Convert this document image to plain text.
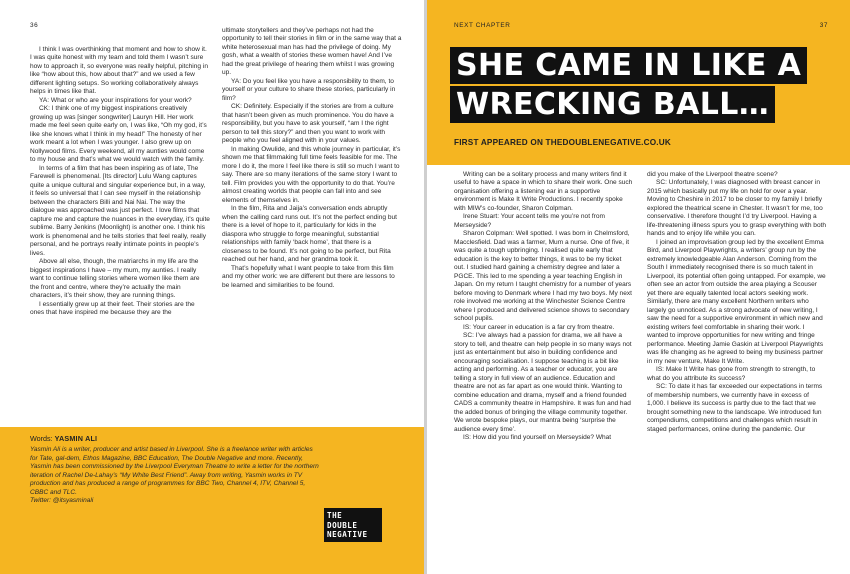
36

I think I was overthinking that moment and how to show it. I was quite honest with my team and told them I wasn’t sure how to approach it, so everyone was really helpful, pitching in like “how about this, how about that?” and we used a few different lighting setups. So working collaboratively always helps in times like that.

YA: What or who are your inspirations for your work?

CK: I think one of my biggest inspirations creatively growing up was [singer songwriter] Lauryn Hill. Her work made me feel seen quite early on, I was like, “Oh my god, it’s like she knows what I think in my head!” The honesty of her work meant a lot when I was younger. I also grew up on Nollywood films. Every weekend, all my aunties would come to my house and that’s what we would watch with the family.

In terms of a film that has been inspiring as of late, The Farewell is phenomenal. [Its director] Lulu Wang captures quite a unique cultural and singular experience but, in a way, it feels so universal that I can see myself in the relationship between the characters Billi and Nai Nai. The way the dialogue was approached was just perfect. I love films that capture me and capture the nuances in the everyday, it’s quite sublime. Barry Jenkins (Moonlight) is another one. I think his work is phenomenal and he tells stories that feel really, really personal, and he portrays really intimate points in people’s lives.

Above all else, though, the matriarchs in my life are the biggest inspirations I have – my mum, my aunties. I really want to continue telling stories where women like them are the front and centre, where they’re actually the main characters, it’s their show, they are running things.

I essentially grew up at their feet. Their stories are the ones that have inspired me because they are the

ultimate storytellers and they’ve perhaps not had the opportunity to tell their stories in film or in the same way that a white heterosexual man has had the privilege of doing. My gosh, what a wealth of stories these women have! And I’ve had the great privilege of hearing them whilst I was growing up.

YA: Do you feel like you have a responsibility to them, to yourself or your culture to share these stories, particularly in film?

CK: Definitely. Especially if the stories are from a culture that hasn’t been given as much prominence. You do have a responsibility, but you have to ask yourself, “am I the right person to tell this story?” and then you want to work with people who you feel aligned with in your values.

In making Owulide, and this whole journey in particular, it’s shown me that filmmaking full time feels feasible for me. The more I do it, the more I feel like there is still so much I want to say. There are so many iterations of the same story I want to tell. Film provides you with the opportunity to do that. You’re almost creating worlds that people can fall into and see elements of themselves in.

In the film, Rita and Jaija’s conversation ends abruptly when the calling card runs out. It’s not the perfect ending but there is a level of hope to it, particularly for kids in the diaspora who struggle to forge meaningful, substantial relationships with family ‘back home’, that there is a closeness to be found. It’s not going to be perfect, but Rita reached out her hand, and her grandma took it.

That’s hopefully what I want people to take from this film and my other work: we are different but there are lessons to be learned and similarities to be found.

Words: YASMIN ALI
Yasmin Ali is a writer, producer and artist based in Liverpool. She is a freelance writer with articles for Tate, gal-dem, Ethos Magazine, BBC Education, The Double Negative and more. Recently, Yasmin has been commissioned by the Liverpool Everyman Theatre to write a letter for the northern iteration of Rachel De-Lahay’s “My White Best Friend”. Away from writing, Yasmin works in TV production and has produced a range of programmes for BBC Two, Channel 4, ITV, Channel 5, CBBC and TLC.
Twitter: @itsyasminali
THE
DOUBLE
NEGATIVE
NEXT CHAPTER	37
SHE CAME IN LIKE A
WRECKING BALL…
FIRST APPEARED ON THEDOUBLENEGATIVE.CO.UK

Writing can be a solitary process and many writers find it useful to have a space in which to share their work. One such organisation offering a listening ear in a supportive environment is Make It Write Productions. I recently spoke with MIW’s co-founder, Sharon Colpman.

Irene Stuart: Your accent tells me you’re not from Merseyside?

Sharon Colpman: Well spotted. I was born in Chelmsford, Macclesfield. Dad was a farmer, Mum a nurse. One of five, it was quite a tough upbringing. I realised quite early that education is the key to better things, it was to be my ticket out. I studied hard gaining a chemistry degree and later a PGCE. This led to me spending a year teaching English in Japan. On my return I taught chemistry for a number of years before moving to Denmark where I had my two boys. My next role involved me working at the Winchester Science Centre where I produced and delivered science shows to secondary school pupils.

IS: Your career in education is a far cry from theatre.

SC: I’ve always had a passion for drama, we all have a story to tell, and theatre can help people in so many ways not just as entertainment but also in building confidence and encouraging socialisation. I suppose teaching is a bit like acting and performing. As a teacher or educator, you are telling a story in full view of an audience. Education and theatre are not as far apart as one would think. Wanting to combine education and drama, myself and a friend founded CADS a community theatre in Hampshire. It was fun and had the added bonus of bringing the village community together. We wrote bespoke plays, our mantra being ‘surprise the audience every time’.

IS: How did you find yourself on Merseyside? What

did you make of the Liverpool theatre scene?

SC: Unfortunately, I was diagnosed with breast cancer in 2015 which basically put my life on hold for over a year. Moving to Cheshire in 2017 to be closer to my family I briefly explored the theatrical scene in Chester. It wasn’t for me, too conservative. I therefore thought I’d try Liverpool. Having a life-threatening illness spurs you to grasp everything with both hands and to enjoy life while you can.

I joined an improvisation group led by the excellent Emma Bird, and Liverpool Playwrights, a writers’ group run by the extremely knowledgeable Alan Anderson. Coming from the South I immediately recognised there is so much talent in Liverpool, its potential often going untapped. For example, we often see an actor from outside the area playing a Scouser yet there are equally talented local actors seeking work. Similarly, there are many excellent Northern writers who largely go unnoticed. As a strong advocate of new writing, I saw the need for a supportive environment in which new and existing writers feel comfortable in sharing their work. I wanted to improve opportunities for new writing and fringe performance. Meeting Jamie Gaskin at Liverpool Playwrights was life changing as he agreed to being my business partner in my new venture, Make It Write.

IS: Make It Write has gone from strength to strength, to what do you attribute its success?

SC: To date it has far exceeded our expectations in terms of membership numbers, we currently have in excess of 1,000. I believe its success is partly due to the fact that we brought something new to the landscape. We introduced fun compendiums, competitions and challenges which result in staged performances, online during the pandemic. Our
